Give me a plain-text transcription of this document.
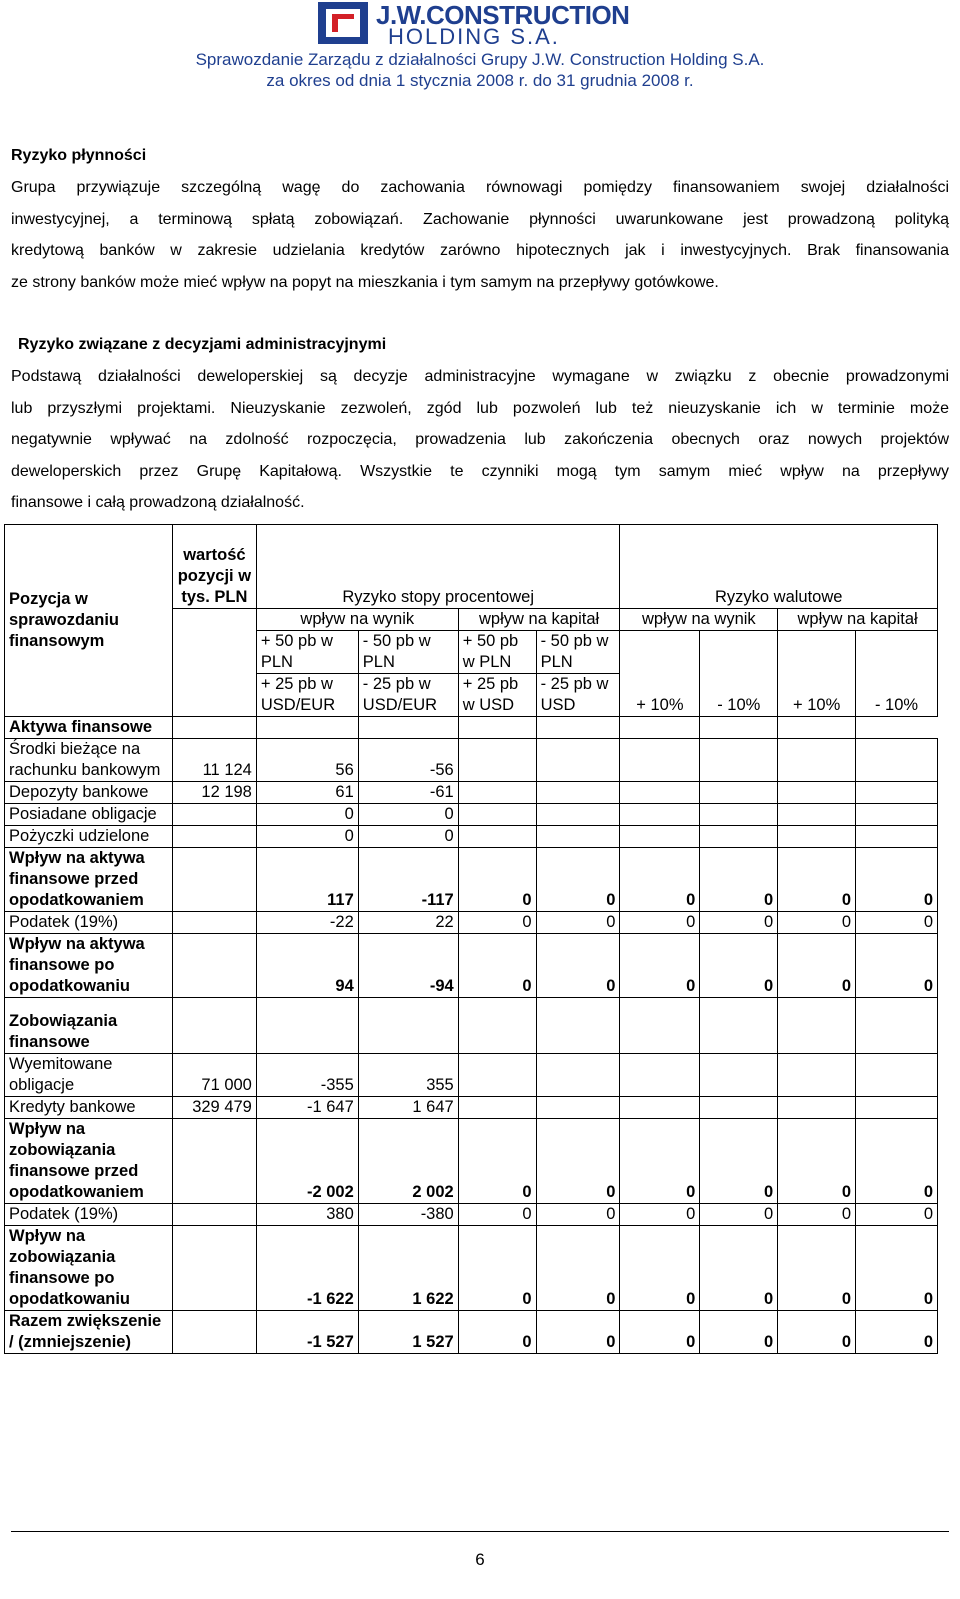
J.W.CONSTRUCTION
HOLDING S.A.
Sprawozdanie Zarządu z działalności Grupy J.W. Construction Holding S.A.
za okres od dnia 1 stycznia 2008 r. do 31 grudnia 2008 r.
Ryzyko płynności
Grupa przywiązuje szczególną wagę do zachowania równowagi pomiędzy finansowaniem swojej działalności
inwestycyjnej, a terminową spłatą zobowiązań. Zachowanie płynności uwarunkowane jest prowadzoną polityką
kredytową banków w zakresie udzielania kredytów zarówno hipotecznych jak i inwestycyjnych. Brak finansowania
ze strony banków może mieć wpływ na popyt na mieszkania i tym samym na przepływy gotówkowe.
Ryzyko związane z decyzjami administracyjnymi
Podstawą działalności deweloperskiej są decyzje administracyjne wymagane w związku z obecnie prowadzonymi
lub przyszłymi projektami. Nieuzyskanie zezwoleń, zgód lub pozwoleń lub też nieuzyskanie ich w terminie może
negatywnie wpływać na zdolność rozpoczęcia, prowadzenia lub zakończenia obecnych oraz nowych projektów
deweloperskich przez Grupę Kapitałową. Wszystkie te czynniki mogą tym samym mieć wpływ na przepływy
finansowe i całą prowadzoną działalność.
Pozycja w sprawozdaniu finansowym	wartość pozycji w tys. PLN	Ryzyko stopy procentowej				Ryzyko walutowe			
		wpływ na wynik		wpływ na kapitał		wpływ na wynik		wpływ na kapitał	
		+ 50 pb w PLN	- 50 pb w PLN	+ 50 pb w PLN	- 50 pb w PLN	+ 10%	- 10%	+ 10%	- 10%
		+ 25 pb w USD/EUR	- 25 pb w USD/EUR	+ 25 pb w USD	- 25 pb w USD				
Aktywa finansowe									
Środki bieżące na rachunku bankowym	11 124	56	-56						
Depozyty bankowe	12 198	61	-61						
Posiadane obligacje		0	0						
Pożyczki udzielone		0	0						
Wpływ na aktywa finansowe przed opodatkowaniem		117	-117	0	0	0	0	0	0
Podatek (19%)		-22	22	0	0	0	0	0	0
Wpływ na aktywa finansowe po opodatkowaniu		94	-94	0	0	0	0	0	0
Zobowiązania finansowe									
Wyemitowane obligacje	71 000	-355	355						
Kredyty bankowe	329 479	-1 647	1 647						
Wpływ na zobowiązania finansowe przed opodatkowaniem		-2 002	2 002	0	0	0	0	0	0
Podatek (19%)		380	-380	0	0	0	0	0	0
Wpływ na zobowiązania finansowe po opodatkowaniu		-1 622	1 622	0	0	0	0	0	0
Razem zwiększenie / (zmniejszenie)		-1 527	1 527	0	0	0	0	0	0
6
